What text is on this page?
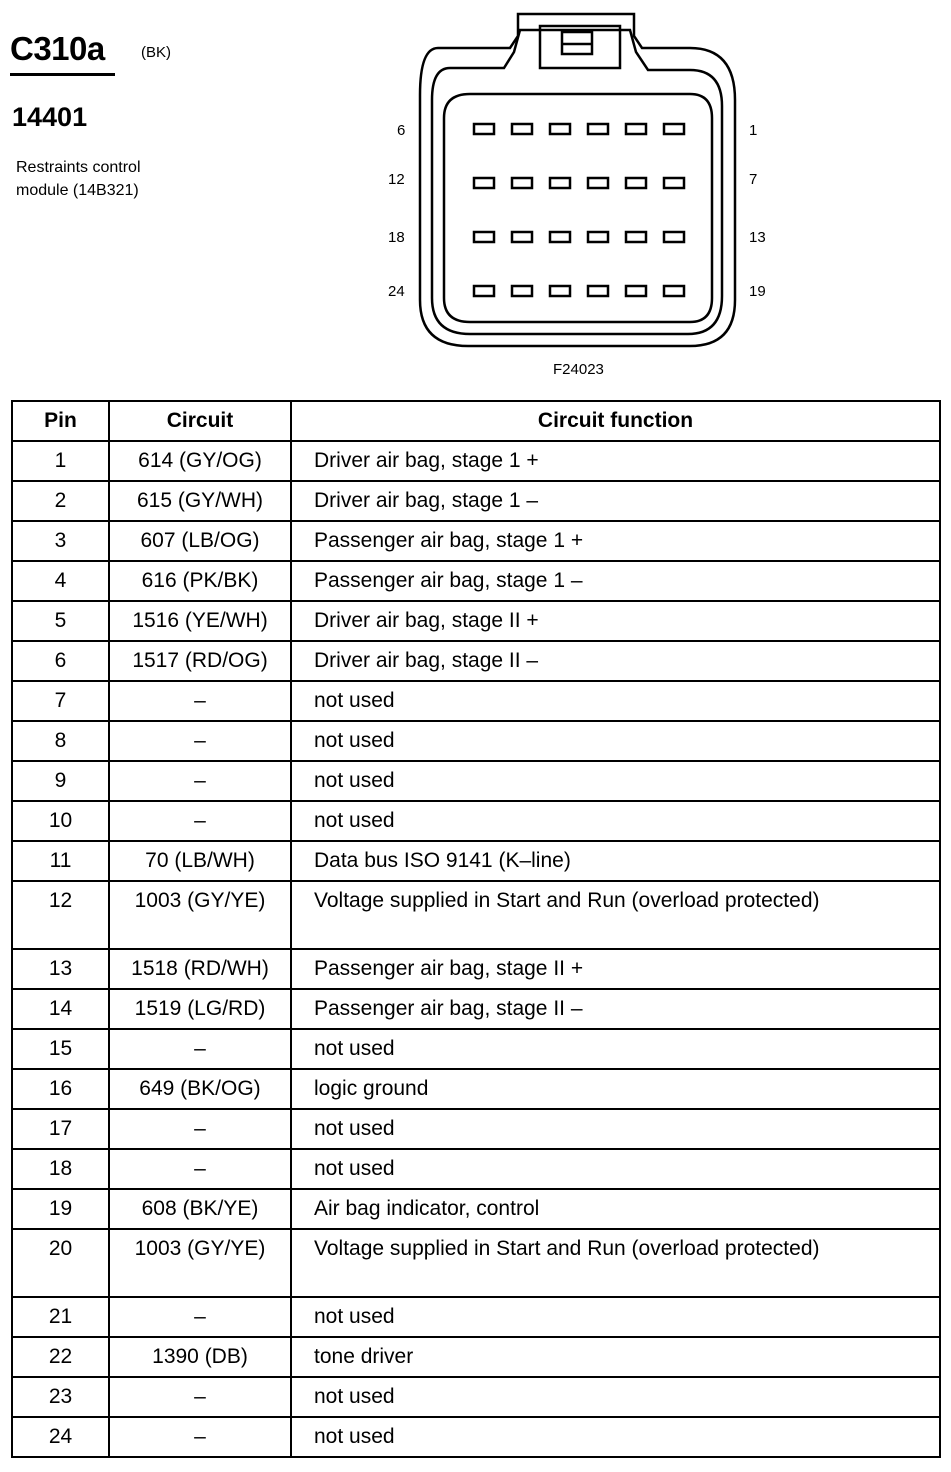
C310a (BK)
14401
Restraints control
module (14B321)
6
12
18
24
1
7
13
19
F24023
Pin	Circuit	Circuit function
1	614 (GY/OG)	Driver air bag, stage 1 +
2	615 (GY/WH)	Driver air bag, stage 1 –
3	607 (LB/OG)	Passenger air bag, stage 1 +
4	616 (PK/BK)	Passenger air bag, stage 1 –
5	1516 (YE/WH)	Driver air bag, stage II +
6	1517 (RD/OG)	Driver air bag, stage II –
7	–	not used
8	–	not used
9	–	not used
10	–	not used
11	70 (LB/WH)	Data bus ISO 9141 (K–line)
12	1003 (GY/YE)	Voltage supplied in Start and Run (overload protected)
13	1518 (RD/WH)	Passenger air bag, stage II +
14	1519 (LG/RD)	Passenger air bag, stage II –
15	–	not used
16	649 (BK/OG)	logic ground
17	–	not used
18	–	not used
19	608 (BK/YE)	Air bag indicator, control
20	1003 (GY/YE)	Voltage supplied in Start and Run (overload protected)
21	–	not used
22	1390 (DB)	tone driver
23	–	not used
24	–	not used
